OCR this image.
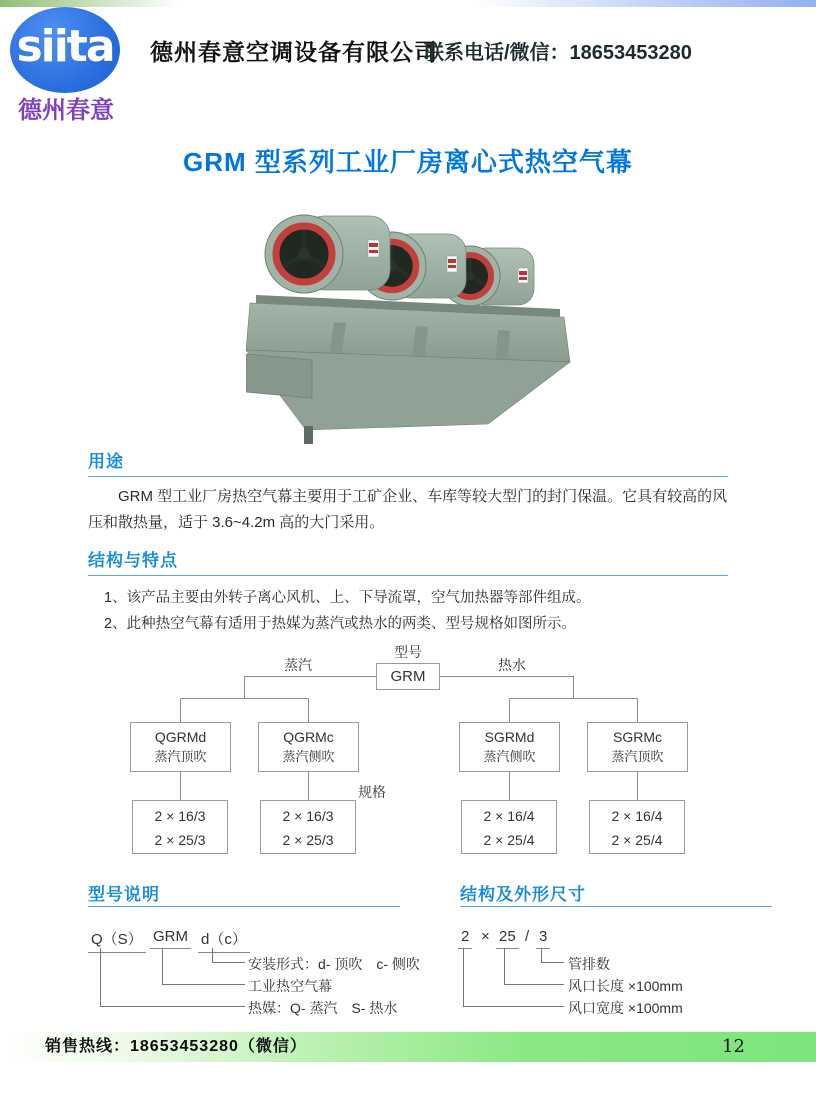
siita
德州春意
德州春意空调设备有限公司
联系电话/微信：18653453280
GRM 型系列工业厂房离心式热空气幕
用途

GRM 型工业厂房热空气幕主要用于工矿企业、车库等较大型门的封门保温。它具有较高的风压和散热量，适于 3.6~4.2m 高的大门采用。

结构与特点
1、该产品主要由外转子离心风机、上、下导流罩，空气加热器等部件组成。
2、此种热空气幕有适用于热媒为蒸汽或热水的两类、型号规格如图所示。
型号
GRM
蒸汽	热水
QGRMd
蒸汽顶吹
QGRMc
蒸汽侧吹
SGRMd
蒸汽侧吹
SGRMc
蒸汽顶吹
规格
2 × 16/3
2 × 25/3
2 × 16/3
2 × 25/3
2 × 16/4
2 × 25/4
2 × 16/4
2 × 25/4
型号说明
Q（S） GRM d（c）
安装形式：d- 顶吹　c- 侧吹
工业热空气幕
热媒：Q- 蒸汽　S- 热水
结构及外形尺寸
2 × 25 / 3
管排数
风口长度 ×100mm
风口宽度 ×100mm
销售热线：18653453280（微信）	12
